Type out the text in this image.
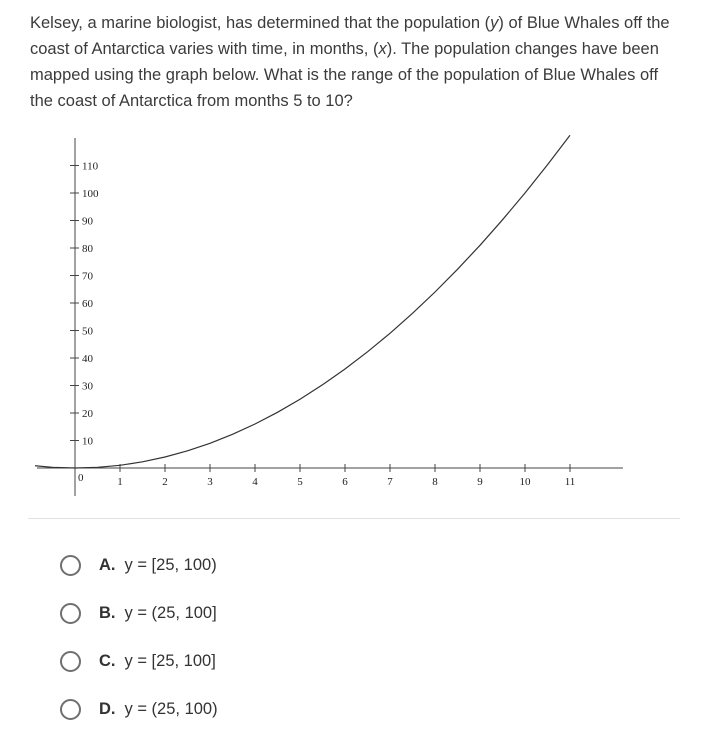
Kelsey, a marine biologist, has determined that the population (y) of Blue Whales off the coast of Antarctica varies with time, in months, (x). The population changes have been mapped using the graph below. What is the range of the population of Blue Whales off the coast of Antarctica from months 5 to 10?

0
10
20
30
40
50
60
70
80
90
100
110
1	2	3	4	5	6	7	8	9	10	11
A. y = [25, 100)
B. y = (25, 100]
C. y = [25, 100]
D. y = (25, 100)
